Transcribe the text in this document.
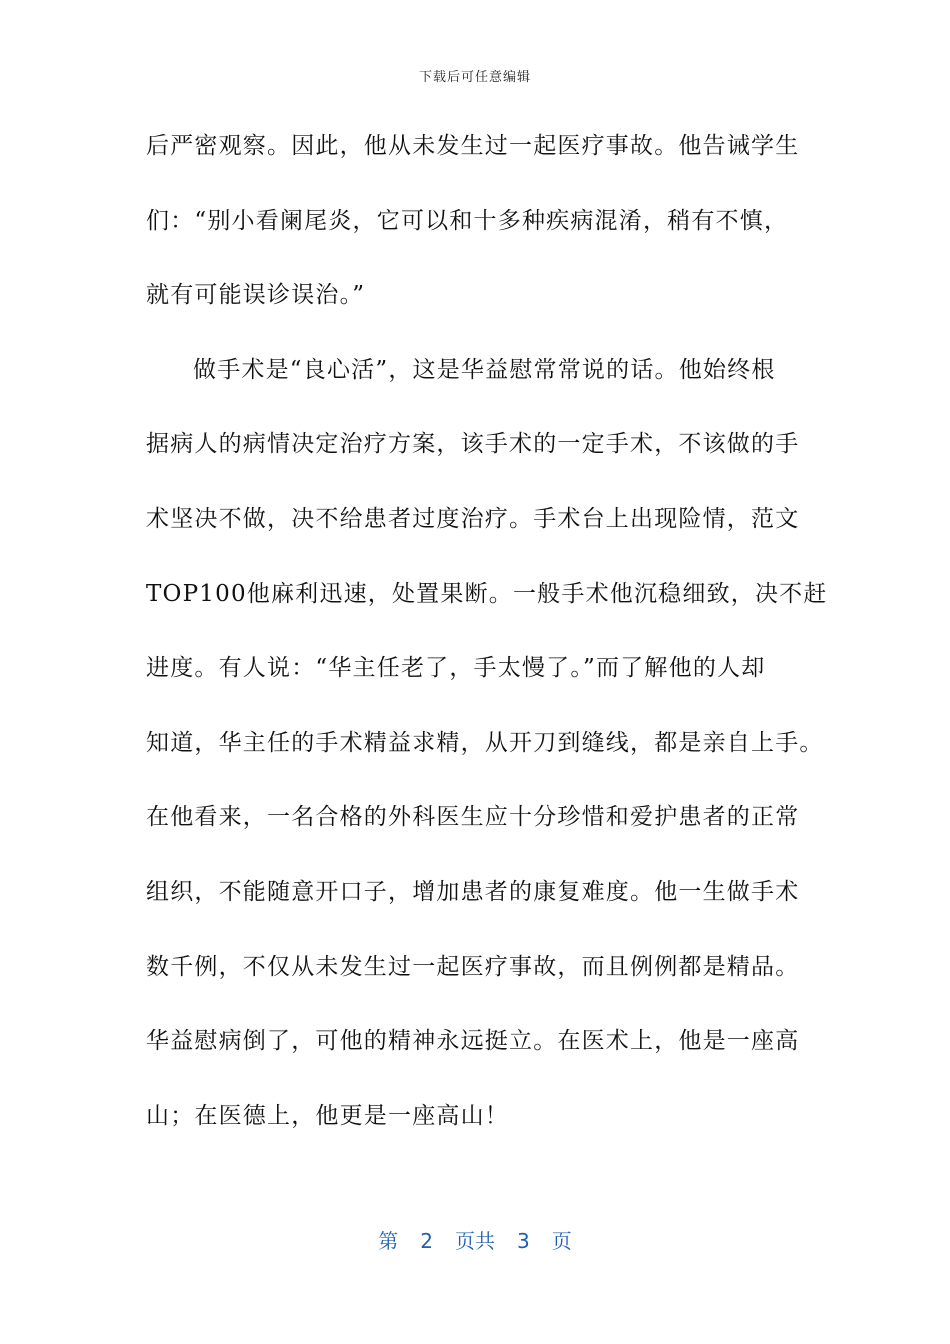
下载后可任意编辑
后严密观察。因此，他从未发生过一起医疗事故。他告诫学生
们：“别小看阑尾炎，它可以和十多种疾病混淆，稍有不慎，
就有可能误诊误治。”
做手术是“良心活”，这是华益慰常常说的话。他始终根
据病人的病情决定治疗方案，该手术的一定手术，不该做的手
术坚决不做，决不给患者过度治疗。手术台上出现险情，范文
TOP100他麻利迅速，处置果断。一般手术他沉稳细致，决不赶
进度。有人说：“华主任老了，手太慢了。”而了解他的人却
知道，华主任的手术精益求精，从开刀到缝线，都是亲自上手。
在他看来，一名合格的外科医生应十分珍惜和爱护患者的正常
组织，不能随意开口子，增加患者的康复难度。他一生做手术
数千例，不仅从未发生过一起医疗事故，而且例例都是精品。
华益慰病倒了，可他的精神永远挺立。在医术上，他是一座高
山；在医德上，他更是一座高山！
第 2 页共 3 页
